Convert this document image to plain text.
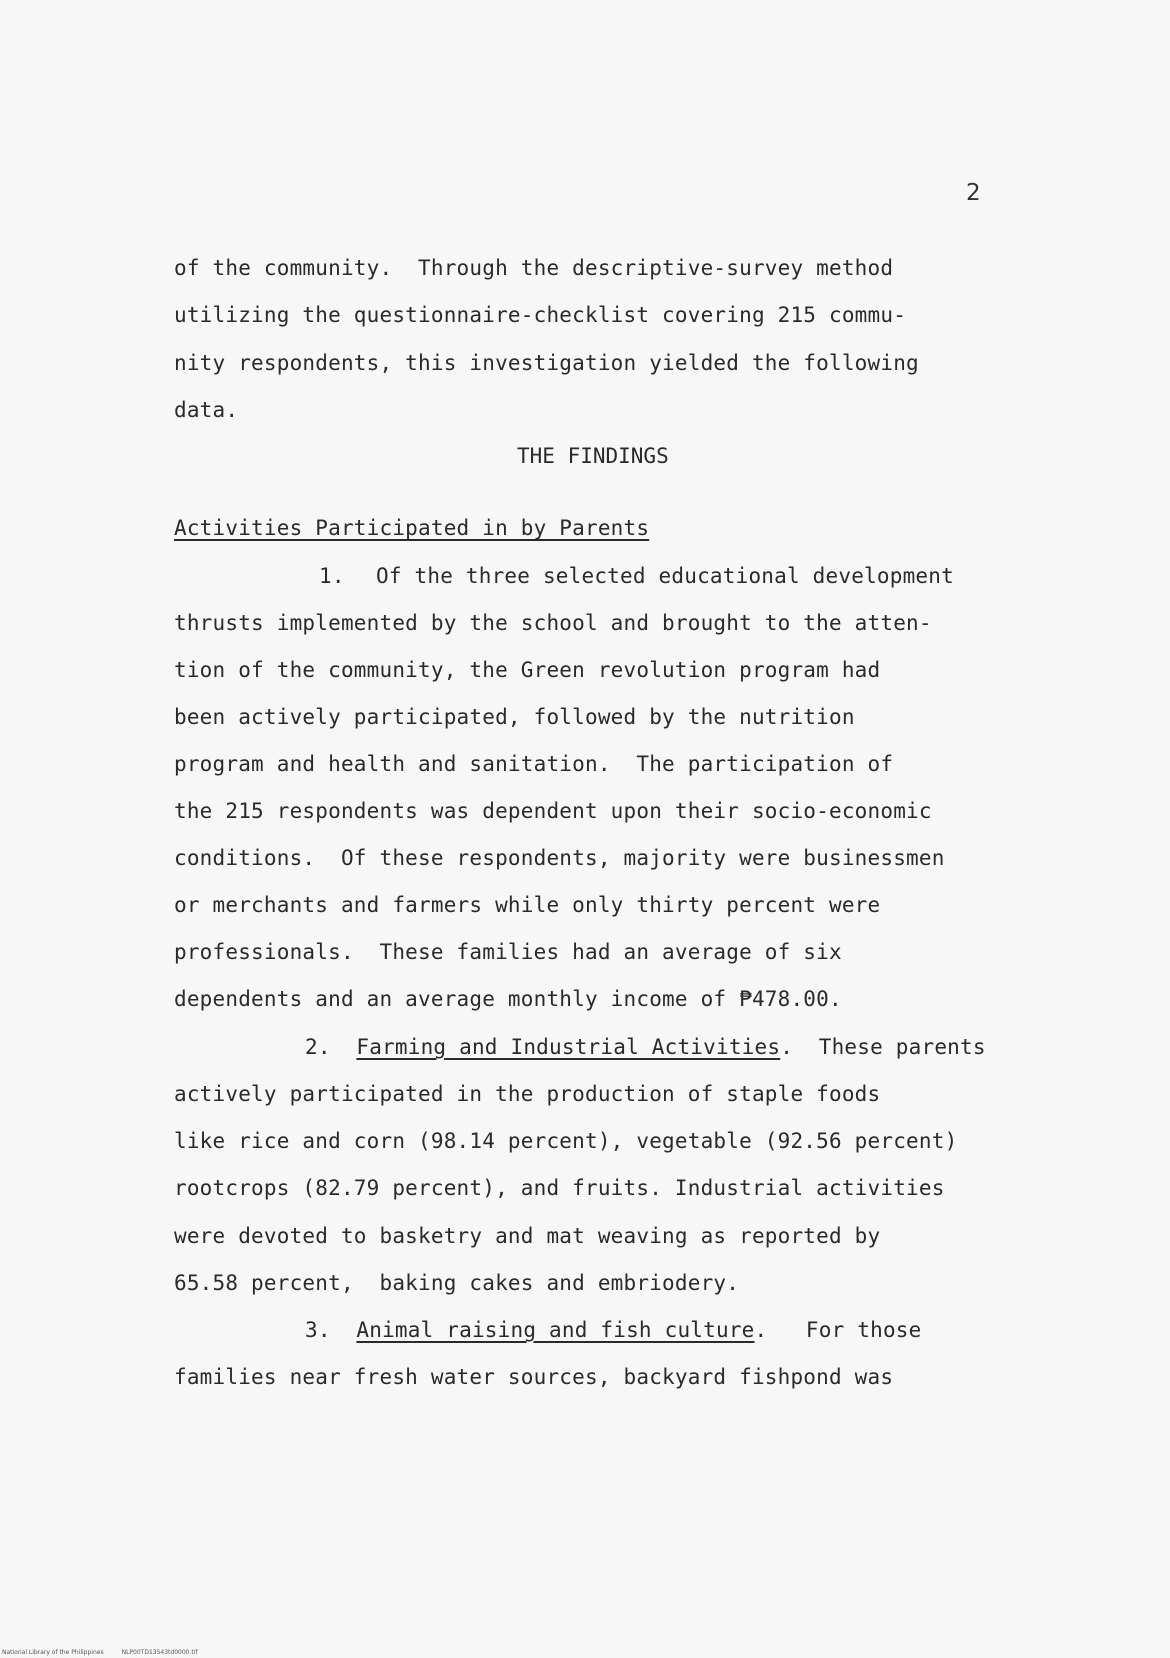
2
of the community.  Through the descriptive-survey method
utilizing the questionnaire-checklist covering 215 commu-
nity respondents, this investigation yielded the following
data.
THE FINDINGS
Activities Participated in by Parents
1. Of the three selected educational development
thrusts implemented by the school and brought to the atten-
tion of the community, the Green revolution program had
been actively participated, followed by the nutrition
program and health and sanitation.  The participation of
the 215 respondents was dependent upon their socio-economic
conditions.  Of these respondents, majority were businessmen
or merchants and farmers while only thirty percent were
professionals.  These families had an average of six
dependents and an average monthly income of ₱478.00.
2. Farming and Industrial Activities.  These parents
actively participated in the production of staple foods
like rice and corn (98.14 percent), vegetable (92.56 percent)
rootcrops (82.79 percent), and fruits. Industrial activities
were devoted to basketry and mat weaving as reported by
65.58 percent,  baking cakes and embriodery.
3. Animal raising and fish culture.   For those
families near fresh water sources, backyard fishpond was
National Library of the Philippines	NLP00TD13543td0000.tif
